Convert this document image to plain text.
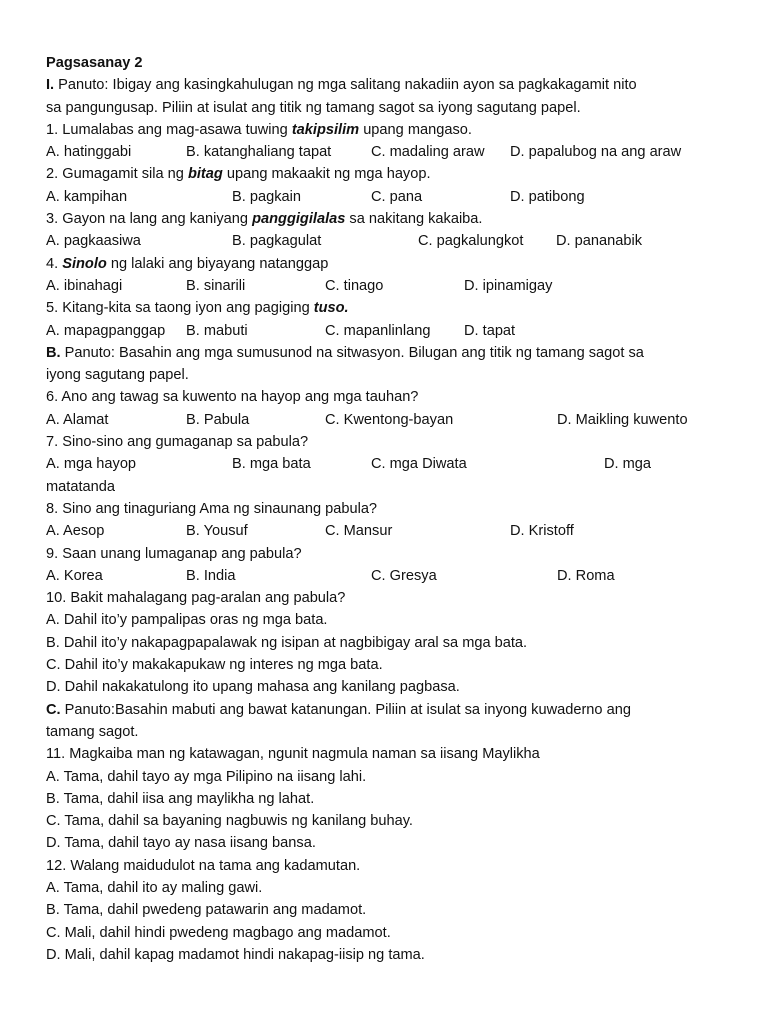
Pagsasanay 2
I. Panuto: Ibigay ang kasingkahulugan ng mga salitang nakadiin ayon sa pagkakagamit nito
sa pangungusap. Piliin at isulat ang titik ng tamang sagot sa iyong sagutang papel.
1. Lumalabas ang mag-asawa tuwing takipsilim upang mangaso.
A. hatinggabi	B. katanghaliang tapat	C. madaling araw D. papalubog na ang araw
2. Gumagamit sila ng bitag upang makaakit ng mga hayop.
A. kampihan	B. pagkain	C. pana	D. patibong
3. Gayon na lang ang kaniyang panggigilalas sa nakitang kakaiba.
A. pagkaasiwa	B. pagkagulat	C. pagkalungkot D. pananabik
4. Sinolo ng lalaki ang biyayang natanggap
A. ibinahagi	B. sinarili	C. tinago	D. ipinamigay
5. Kitang-kita sa taong iyon ang pagiging tuso.
A. mapagpanggap B. mabuti	C. mapanlinlang D. tapat
B. Panuto: Basahin ang mga sumusunod na sitwasyon. Bilugan ang titik ng tamang sagot sa
iyong sagutang papel.
6. Ano ang tawag sa kuwento na hayop ang mga tauhan?
A. Alamat	B. Pabula	C. Kwentong-bayan	D. Maikling kuwento
7. Sino-sino ang gumaganap sa pabula?
A. mga hayop	B. mga bata	C. mga Diwata	D. mga
matatanda
8. Sino ang tinaguriang Ama ng sinaunang pabula?
A. Aesop	B. Yousuf	C. Mansur	D. Kristoff
9. Saan unang lumaganap ang pabula?
A. Korea	B. India	C. Gresya	D. Roma
10. Bakit mahalagang pag-aralan ang pabula?
A. Dahil ito’y pampalipas oras ng mga bata.
B. Dahil ito’y nakapagpapalawak ng isipan at nagbibigay aral sa mga bata.
C. Dahil ito’y makakapukaw ng interes ng mga bata.
D. Dahil nakakatulong ito upang mahasa ang kanilang pagbasa.
C. Panuto:Basahin mabuti ang bawat katanungan. Piliin at isulat sa inyong kuwaderno ang
tamang sagot.
11. Magkaiba man ng katawagan, ngunit nagmula naman sa iisang Maylikha
A. Tama, dahil tayo ay mga Pilipino na iisang lahi.
B. Tama, dahil iisa ang maylikha ng lahat.
C. Tama, dahil sa bayaning nagbuwis ng kanilang buhay.
D. Tama, dahil tayo ay nasa iisang bansa.
12. Walang maidudulot na tama ang kadamutan.
A. Tama, dahil ito ay maling gawi.
B. Tama, dahil pwedeng patawarin ang madamot.
C. Mali, dahil hindi pwedeng magbago ang madamot.
D. Mali, dahil kapag madamot hindi nakapag-iisip ng tama.
